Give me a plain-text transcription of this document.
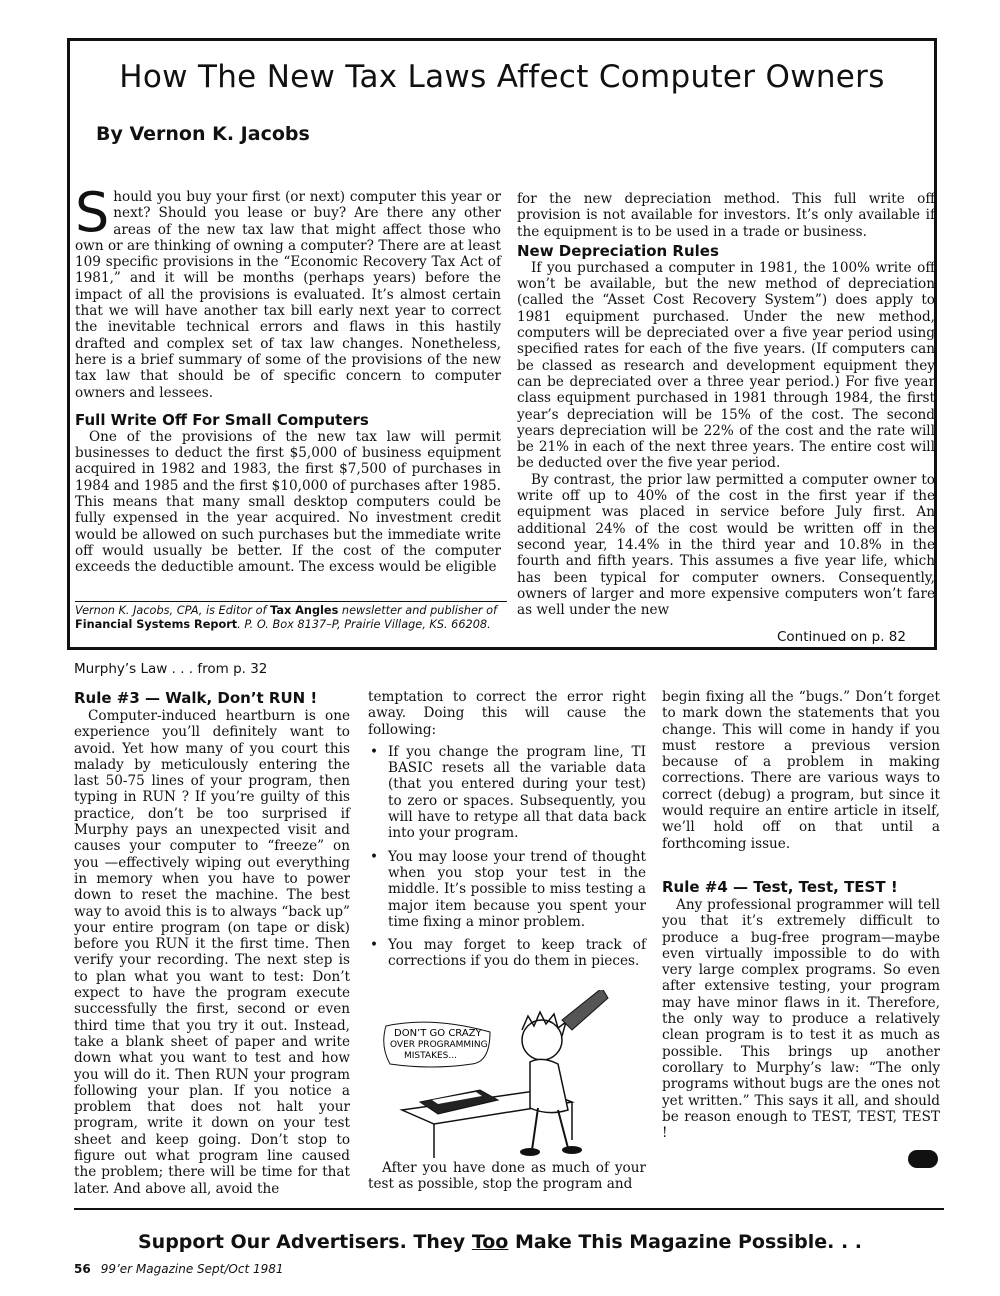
How The New Tax Laws Affect Computer Owners
By Vernon K. Jacobs

Should you buy your first (or next) computer this year or next? Should you lease or buy? Are there any other areas of the new tax law that might affect those who own or are thinking of owning a computer? There are at least 109 specific provisions in the “Economic Recovery Tax Act of 1981,” and it will be months (perhaps years) before the impact of all the provisions is evaluated. It’s almost certain that we will have another tax bill early next year to correct the inevitable technical errors and flaws in this hastily drafted and complex set of tax law changes. Nonetheless, here is a brief summary of some of the provisions of the new tax law that should be of specific concern to computer owners and lessees.

Full Write Off For Small Computers

One of the provisions of the new tax law will permit businesses to deduct the first $5,000 of business equipment acquired in 1982 and 1983, the first $7,500 of purchases in 1984 and 1985 and the first $10,000 of purchases after 1985. This means that many small desktop computers could be fully expensed in the year acquired. No investment credit would be allowed on such purchases but the immediate write off would usually be better. If the cost of the computer exceeds the deductible amount. The excess would be eligible

for the new depreciation method. This full write off provision is not available for investors. It’s only available if the equipment is to be used in a trade or business.

New Depreciation Rules

If you purchased a computer in 1981, the 100% write off won’t be available, but the new method of depreciation (called the “Asset Cost Recovery System”) does apply to 1981 equipment purchased. Under the new method, computers will be depreciated over a five year period using specified rates for each of the five years. (If computers can be classed as research and development equipment they can be depreciated over a three year period.) For five year class equipment purchased in 1981 through 1984, the first year’s depreciation will be 15% of the cost. The second years depreciation will be 22% of the cost and the rate will be 21% in each of the next three years. The entire cost will be deducted over the five year period.

By contrast, the prior law permitted a computer owner to write off up to 40% of the cost in the first year if the equipment was placed in service before July first. An additional 24% of the cost would be written off in the second year, 14.4% in the third year and 10.8% in the fourth and fifth years. This assumes a five year life, which has been typical for computer owners. Consequently, owners of larger and more expensive computers won’t fare as well under the new

Vernon K. Jacobs, CPA, is Editor of Tax Angles newsletter and publisher of Financial Systems Report. P. O. Box 8137–P, Prairie Village, KS. 66208.
Continued on p. 82
Murphy’s Law . . . from p. 32
Rule #3 — Walk, Don’t RUN !

Computer-induced heartburn is one experience you’ll definitely want to avoid. Yet how many of you court this malady by meticulously entering the last 50-75 lines of your program, then typing in RUN ? If you’re guilty of this practice, don’t be too surprised if Murphy pays an unexpected visit and causes your computer to “freeze” on you —effectively wiping out everything in memory when you have to power down to reset the machine. The best way to avoid this is to always “back up” your entire program (on tape or disk) before you RUN it the first time. Then verify your recording. The next step is to plan what you want to test: Don’t expect to have the program execute successfully the first, second or even third time that you try it out. Instead, take a blank sheet of paper and write down what you want to test and how you will do it. Then RUN your program following your plan. If you notice a problem that does not halt your program, write it down on your test sheet and keep going. Don’t stop to figure out what program line caused the problem; there will be time for that later. And above all, avoid the

temptation to correct the error right away. Doing this will cause the following:

• If you change the program line, TI BASIC resets all the variable data (that you entered during your test) to zero or spaces. Subsequently, you will have to retype all that data back into your program.
• You may loose your trend of thought when you stop your test in the middle. It’s possible to miss testing a major item because you spent your time fixing a minor problem.
• You may forget to keep track of corrections if you do them in pieces.
DON’T GO CRAZY
OVER PROGRAMMING
MISTAKES...

After you have done as much of your test as possible, stop the program and

begin fixing all the “bugs.” Don’t forget to mark down the statements that you change. This will come in handy if you must restore a previous version because of a problem in making corrections. There are various ways to correct (debug) a program, but since it would require an entire article in itself, we’ll hold off on that until a forthcoming issue.

Rule #4 — Test, Test, TEST !

Any professional programmer will tell you that it’s extremely difficult to produce a bug-free program—maybe even virtually impossible to do with very large complex programs. So even after extensive testing, your program may have minor flaws in it. Therefore, the only way to produce a relatively clean program is to test it as much as possible. This brings up another corollary to Murphy’s law: “The only programs without bugs are the ones not yet written.” This says it all, and should be reason enough to TEST, TEST, TEST !

Support Our Advertisers. They Too Make This Magazine Possible. . .
56 99’er Magazine Sept/Oct 1981
